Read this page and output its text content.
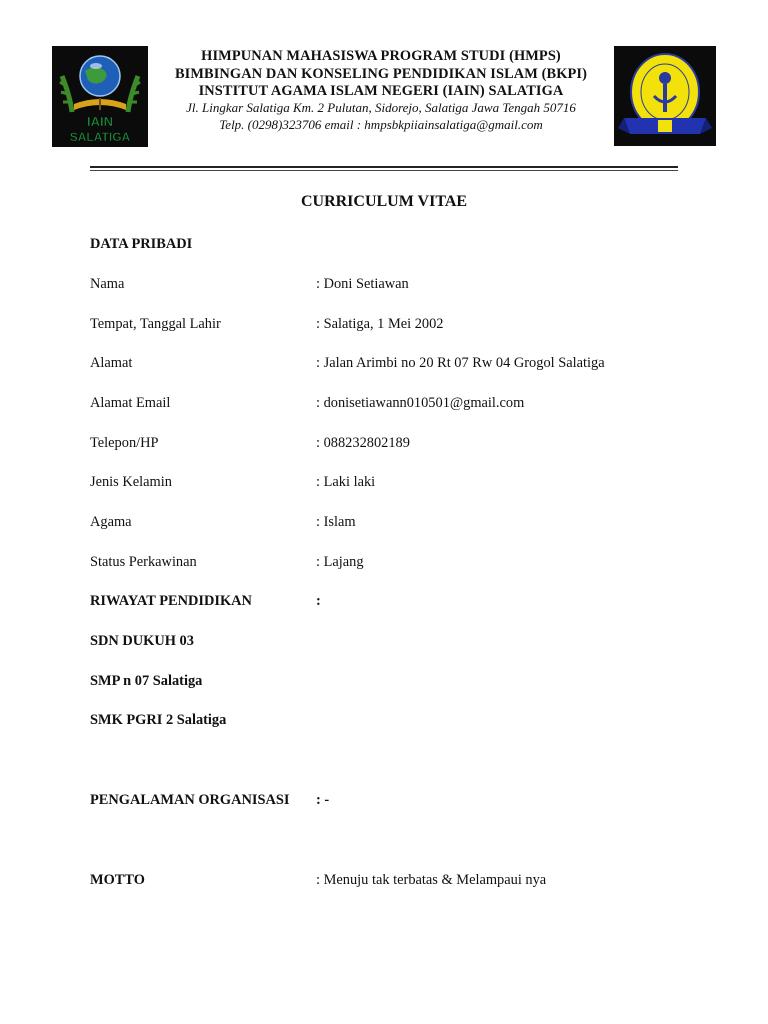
IAIN
SALATIGA
HIMPUNAN MAHASISWA PROGRAM STUDI (HMPS)
BIMBINGAN DAN KONSELING PENDIDIKAN ISLAM (BKPI)
INSTITUT AGAMA ISLAM NEGERI (IAIN) SALATIGA
Jl. Lingkar Salatiga Km. 2 Pulutan, Sidorejo, Salatiga Jawa Tengah 50716
Telp. (0298)323706 email : hmpsbkpiiainsalatiga@gmail.com
CURRICULUM VITAE
DATA PRIBADI
Nama	: Doni Setiawan
Tempat, Tanggal Lahir	: Salatiga, 1 Mei 2002
Alamat	: Jalan Arimbi no 20 Rt 07 Rw 04 Grogol Salatiga
Alamat Email	: donisetiawann010501@gmail.com
Telepon/HP	: 088232802189
Jenis Kelamin	: Laki laki
Agama	: Islam
Status Perkawinan	: Lajang
RIWAYAT PENDIDIKAN	:
SDN DUKUH 03
SMP n 07 Salatiga
SMK PGRI 2 Salatiga
PENGALAMAN ORGANISASI : -
MOTTO	: Menuju tak terbatas & Melampaui nya
